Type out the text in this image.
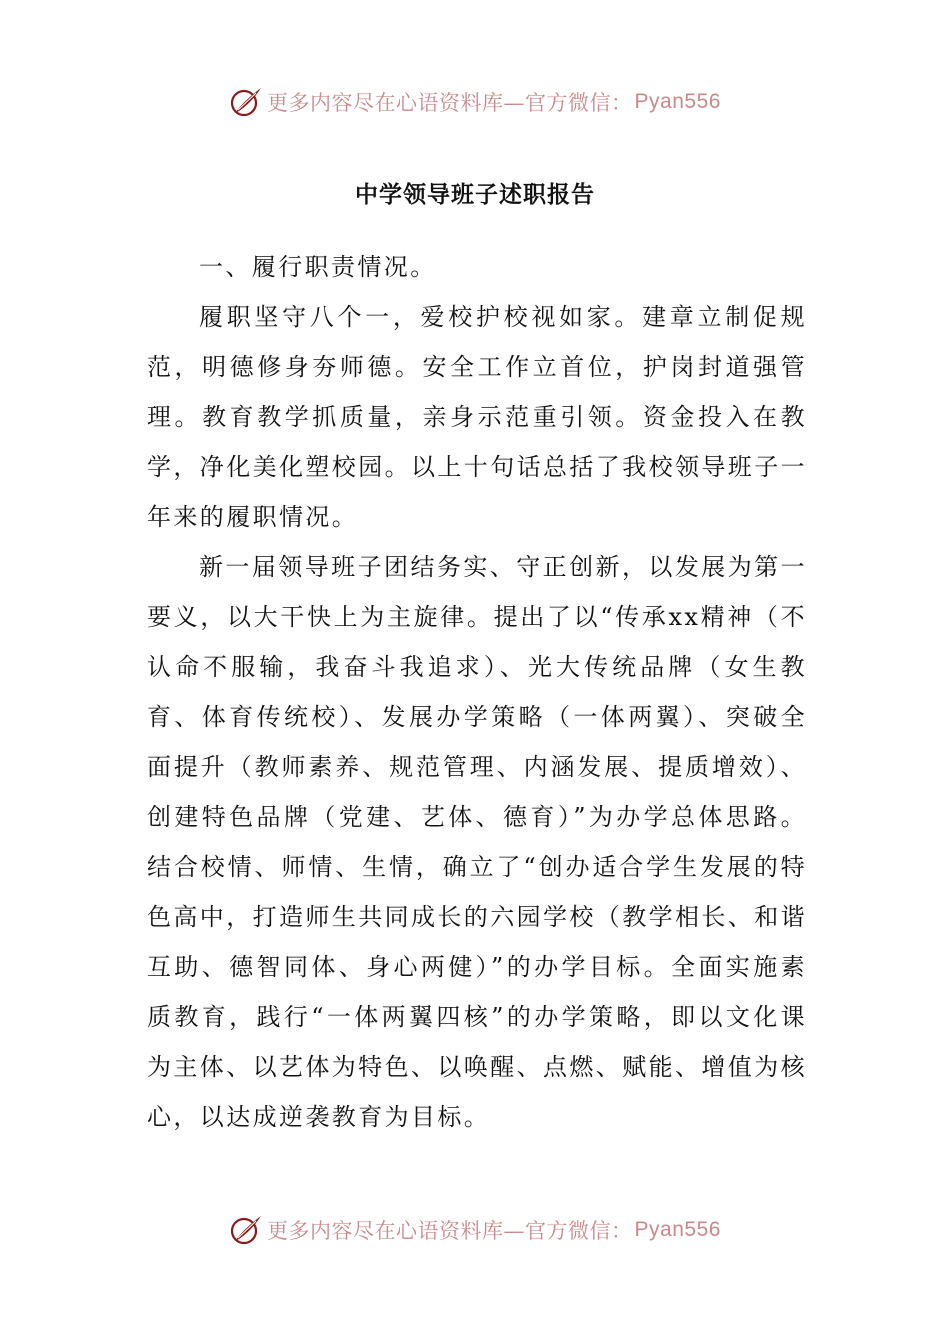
更多内容尽在心语资料库—官方微信： Pyan556
中学领导班子述职报告

一、履行职责情况。

履职坚守八个一，爱校护校视如家。建章立制促规范，明德修身夯师德。安全工作立首位，护岗封道强管理。教育教学抓质量，亲身示范重引领。资金投入在教学，净化美化塑校园。以上十句话总括了我校领导班子一年来的履职情况。

新一届领导班子团结务实、守正创新，以发展为第一要义，以大干快上为主旋律。提出了以“传承xx精神（不认命不服输，我奋斗我追求）、光大传统品牌（女生教育、体育传统校）、发展办学策略（一体两翼）、突破全面提升（教师素养、规范管理、内涵发展、提质增效）、创建特色品牌（党建、艺体、德育）”为办学总体思路。结合校情、师情、生情，确立了“创办适合学生发展的特色高中，打造师生共同成长的六园学校（教学相长、和谐互助、德智同体、身心两健）”的办学目标。全面实施素质教育，践行“一体两翼四核”的办学策略，即以文化课为主体、以艺体为特色、以唤醒、点燃、赋能、增值为核心，以达成逆袭教育为目标。

更多内容尽在心语资料库—官方微信： Pyan556
